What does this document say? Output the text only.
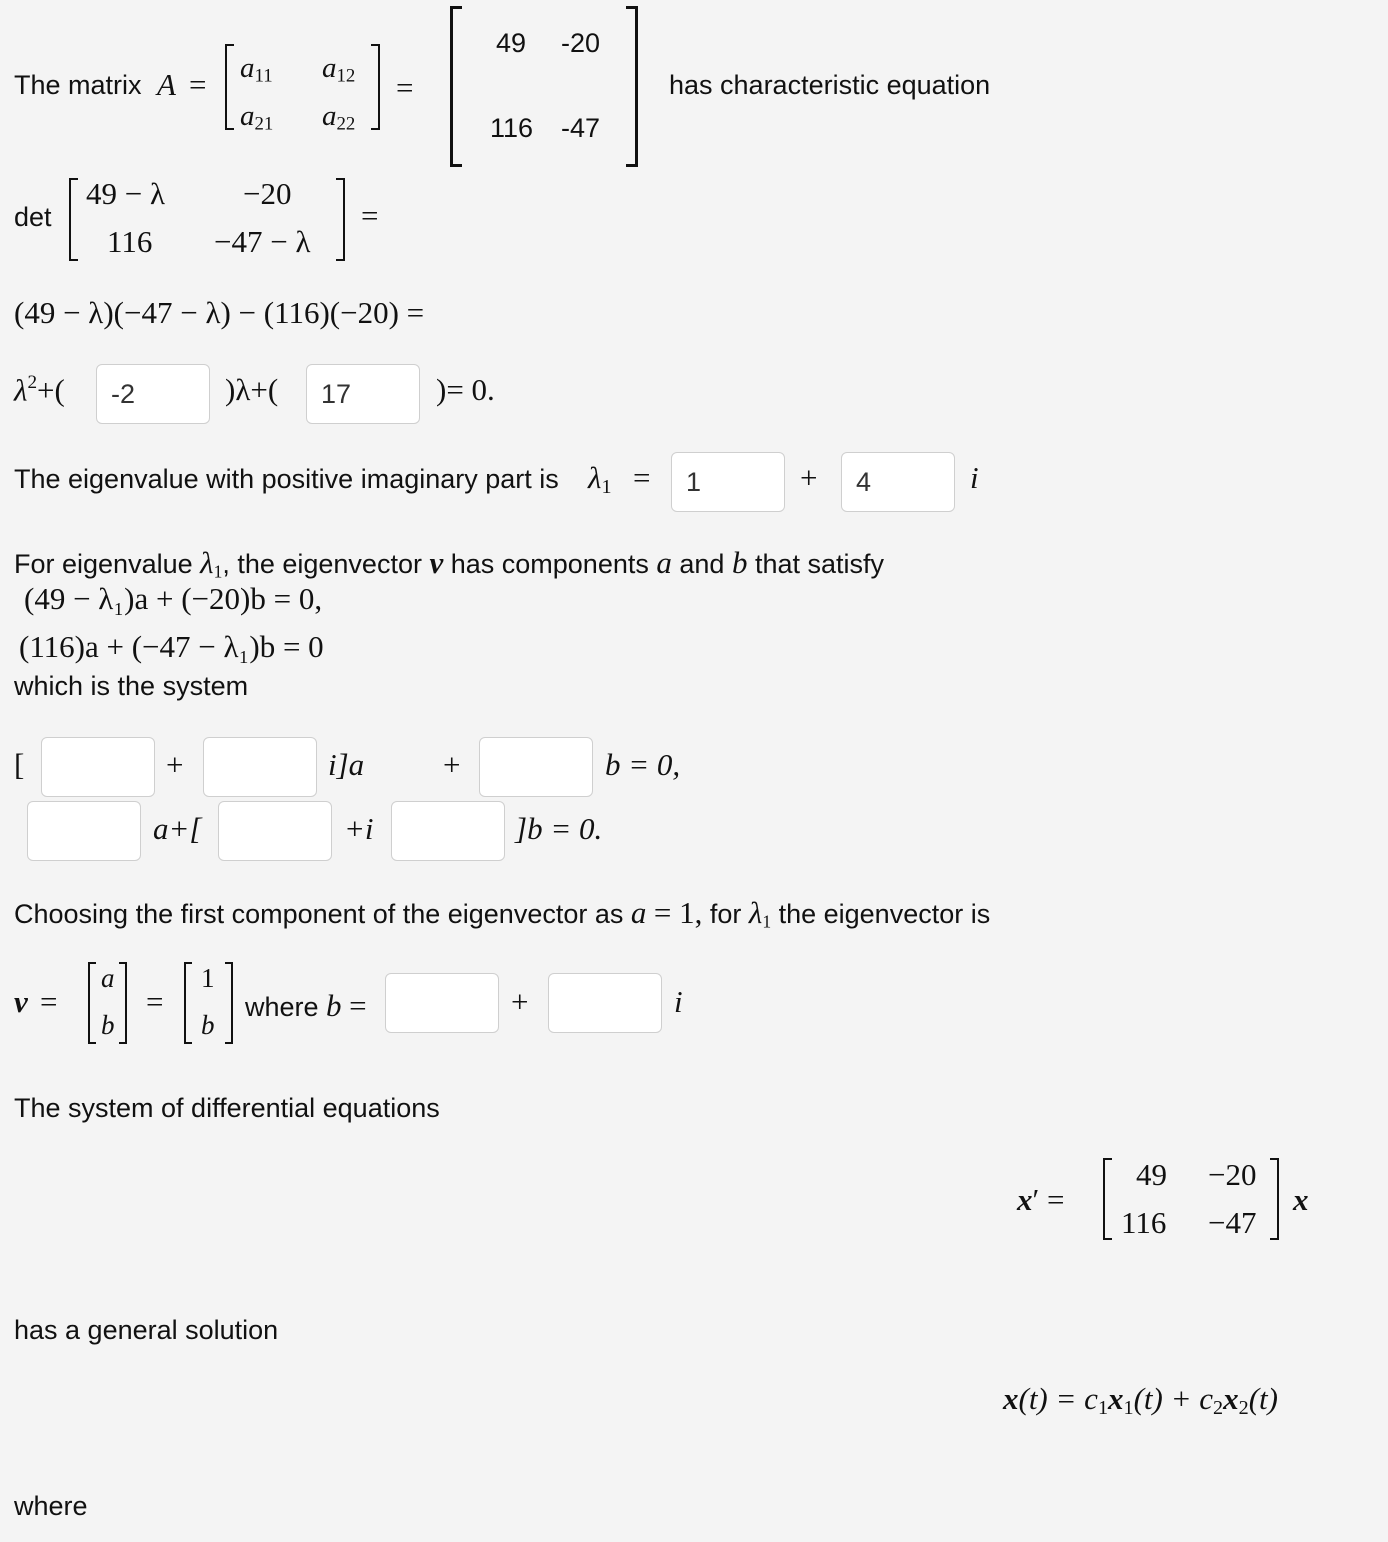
The matrix $A = a_{11}$ $a_{12}$
$a_{21}$ $a_{22}$
=
49 -20
116 -47
has characteristic equation
det
49 − λ	−20
116 −47 − λ
=
(49 − λ)(−47 − λ) − (116)(−20) =
$\lambda^2+$(
-2	)λ+(
17	)= 0.
The eigenvalue with positive imaginary part is $\lambda_1$ =
1	+
4	i
For eigenvalue $\lambda_1$, the eigenvector v has components a and b that satisfy
(49 − λ₁)a + (−20)b = 0,
(116)a + (−47 − λ₁)b = 0
which is the system
[	+	i]a	+	b = 0,
a+[	+i	]b = 0.
Choosing the first component of the eigenvector as a = 1, for $\lambda_1$ the eigenvector is
v =
a
b
=
1
b
where b =	+	i
The system of differential equations
x′ =
49 −20
116 −47
x
has a general solution
$x(t) = c_1x_1(t) + c_2x_2(t)$
where
